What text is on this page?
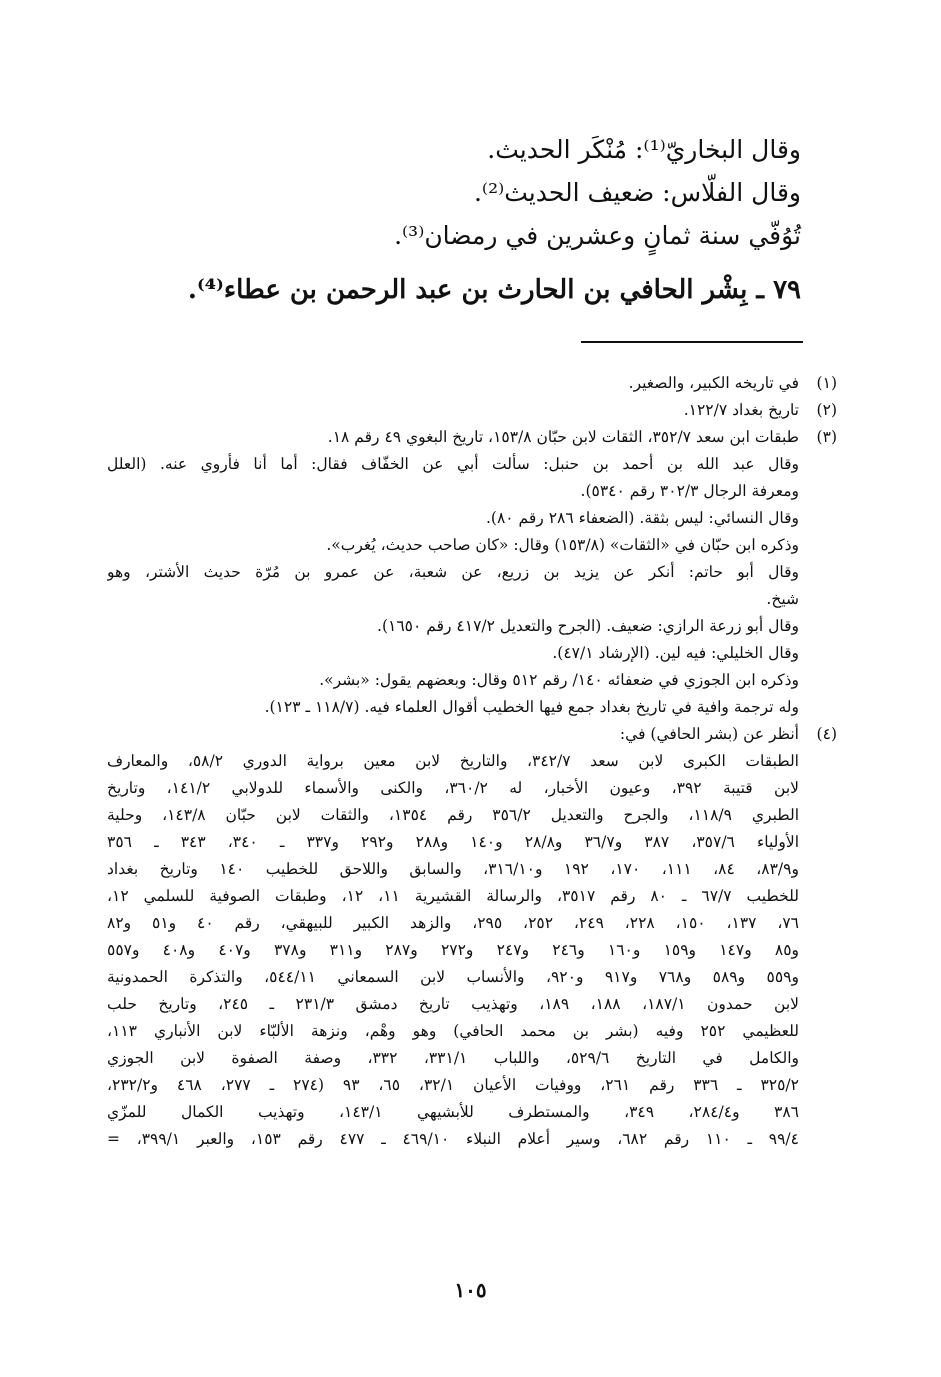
وقال البخاريّ⁽¹⁾: مُنْكَر الحديث.
وقال الفلّاس: ضعيف الحديث⁽²⁾.
تُوُفّي سنة ثمانٍ وعشرين في رمضان⁽³⁾.
٧٩ ـ بِشْر الحافي بن الحارث بن عبد الرحمن بن عطاء⁽⁴⁾.
(١)
في تاريخه الكبير، والصغير.
(٢)
تاريخ بغداد ١٢٢/٧.
(٣)
طبقات ابن سعد ٣٥٢/٧، الثقات لابن حبّان ١٥٣/٨، تاريخ البغوي ٤٩ رقم ١٨.
وقال عبد الله بن أحمد بن حنبل: سألت أبي عن الخفّاف فقال: أما أنا فأروي عنه. (العلل
ومعرفة الرجال ٣٠٢/٣ رقم ٥٣٤٠).
وقال النسائي: ليس بثقة. (الضعفاء ٢٨٦ رقم ٨٠).
وذكره ابن حبّان في «الثقات» (١٥٣/٨) وقال: «كان صاحب حديث، يُغرب».
وقال أبو حاتم: أنكر عن يزيد بن زريع، عن شعبة، عن عمرو بن مُرّة حديث الأشتر، وهو
شيخ.
وقال أبو زرعة الرازي: ضعيف. (الجرح والتعديل ٤١٧/٢ رقم ١٦٥٠).
وقال الخليلي: فيه لين. (الإرشاد ٤٧/١).
وذكره ابن الجوزي في ضعفائه ١٤٠/ رقم ٥١٢ وقال: وبعضهم يقول: «بشر».
وله ترجمة وافية في تاريخ بغداد جمع فيها الخطيب أقوال العلماء فيه. (١١٨/٧ ـ ١٢٣).
(٤)
أنظر عن (بشر الحافي) في:
الطبقات الكبرى لابن سعد ٣٤٢/٧، والتاريخ لابن معين برواية الدوري ٥٨/٢، والمعارف
لابن قتيبة ٣٩٢، وعيون الأخبار، له ٣٦٠/٢، والكنى والأسماء للدولابي ١٤١/٢، وتاريخ
الطبري ١١٨/٩، والجرح والتعديل ٣٥٦/٢ رقم ١٣٥٤، والثقات لابن حبّان ١٤٣/٨، وحلية
الأولياء ٣٥٧/٦، ٣٨٧ و٣٦/٧ و٢٨/٨ و١٤٠ و٢٨٨ و٢٩٢ و٣٣٧ ـ ٣٤٠، ٣٤٣ ـ ٣٥٦
و٨٣/٩، ٨٤، ١١١، ١٧٠، ١٩٢ و٣١٦/١٠، والسابق واللاحق للخطيب ١٤٠ وتاريخ بغداد
للخطيب ٦٧/٧ ـ ٨٠ رقم ٣٥١٧، والرسالة القشيرية ١١، ١٢، وطبقات الصوفية للسلمي ١٢،
٧٦، ١٣٧، ١٥٠، ٢٢٨، ٢٤٩، ٢٥٢، ٢٩٥، والزهد الكبير للبيهقي، رقم ٤٠ و٥١ و٨٢
و٨٥ و١٤٧ و١٥٩ و١٦٠ و٢٤٦ و٢٤٧ و٢٧٢ و٢٨٧ و٣١١ و٣٧٨ و٤٠٧ و٤٠٨ و٥٥٧
و٥٥٩ و٥٨٩ و٧٦٨ و٩١٧ و٩٢٠، والأنساب لابن السمعاني ٥٤٤/١١، والتذكرة الحمدونية
لابن حمدون ١٨٧/١، ١٨٨، ١٨٩، وتهذيب تاريخ دمشق ٢٣١/٣ ـ ٢٤٥، وتاريخ حلب
للعظيمي ٢٥٢ وفيه (بشر بن محمد الحافي) وهو وهْم، ونزهة الألبّاء لابن الأنباري ١١٣،
والكامل في التاريخ ٥٢٩/٦، واللباب ٣٣١/١، ٣٣٢، وصفة الصفوة لابن الجوزي
٣٢٥/٢ ـ ٣٣٦ رقم ٢٦١، ووفيات الأعيان ٣٢/١، ٦٥، ٩٣ (٢٧٤ ـ ٢٧٧، ٤٦٨ و٢٣٢/٢،
٣٨٦ و٢٨٤/٤، ٣٤٩، والمستطرف للأبشيهي ١٤٣/١، وتهذيب الكمال للمزّي
٩٩/٤ ـ ١١٠ رقم ٦٨٢، وسير أعلام النبلاء ٤٦٩/١٠ ـ ٤٧٧ رقم ١٥٣، والعبر ٣٩٩/١، =
١٠٥
